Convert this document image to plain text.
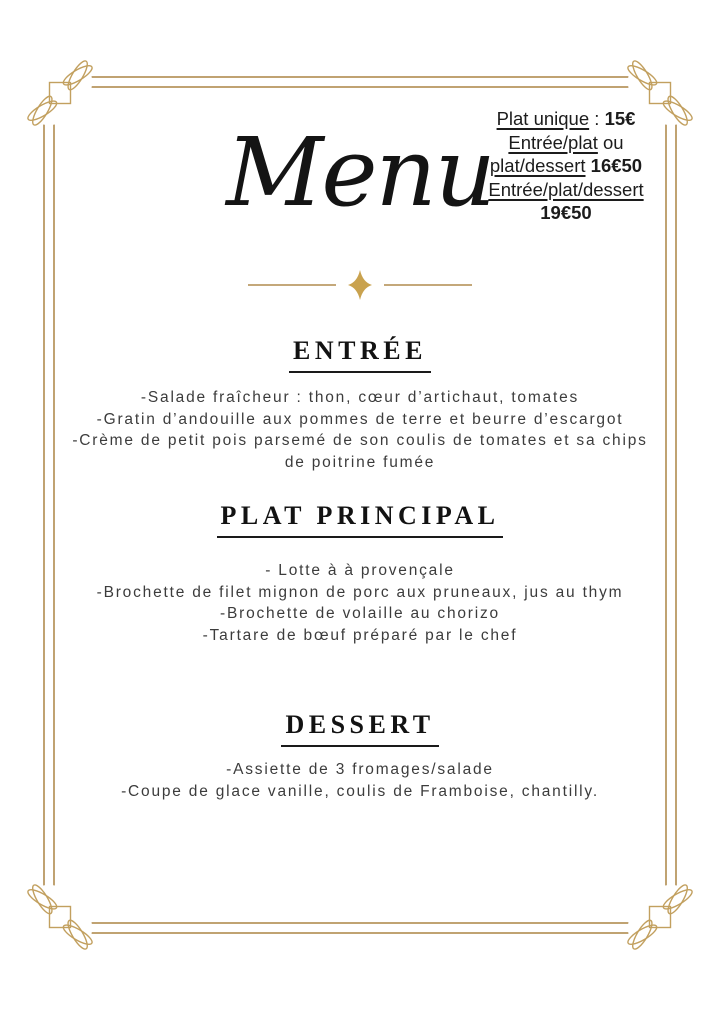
Plat unique : 15€
Entrée/plat ou
plat/dessert 16€50
Entrée/plat/dessert
19€50
Menu
ENTRÉE

-Salade fraîcheur : thon, cœur d’artichaut, tomates

-Gratin d’andouille aux pommes de terre et beurre d’escargot

-Crème de petit pois parsemé de son coulis de tomates et sa chips de poitrine fumée

PLAT PRINCIPAL

- Lotte à à provençale

-Brochette de filet mignon de porc aux pruneaux, jus au thym

-Brochette de volaille au chorizo

-Tartare de bœuf préparé par le chef

DESSERT

-Assiette de 3 fromages/salade

-Coupe de glace vanille, coulis de Framboise, chantilly.
